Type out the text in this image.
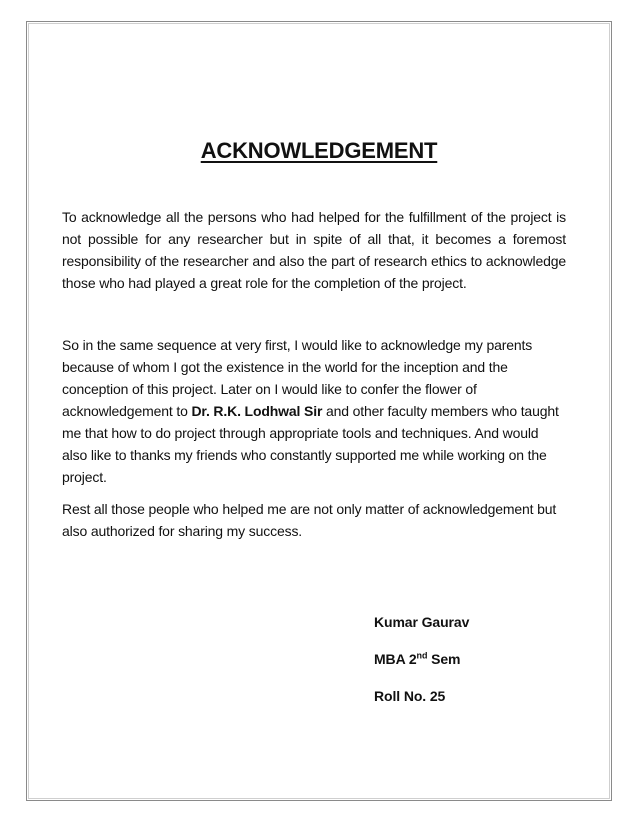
ACKNOWLEDGEMENT

To acknowledge all the persons who had helped for the fulfillment of the project is not possible for any researcher but in spite of all that, it becomes a foremost responsibility of the researcher and also the part of research ethics to acknowledge those who had played a great role for the completion of the project.

So in the same sequence at very first, I would like to acknowledge my parents because of whom I got the existence in the world for the inception and the conception of this project. Later on I would like to confer the flower of acknowledgement to Dr. R.K. Lodhwal Sir and other faculty members who taught me that how to do project through appropriate tools and techniques. And would also like to thanks my friends who constantly supported me while working on the project.

Rest all those people who helped me are not only matter of acknowledgement but also authorized for sharing my success.

Kumar Gaurav
MBA 2nd Sem
Roll No. 25
